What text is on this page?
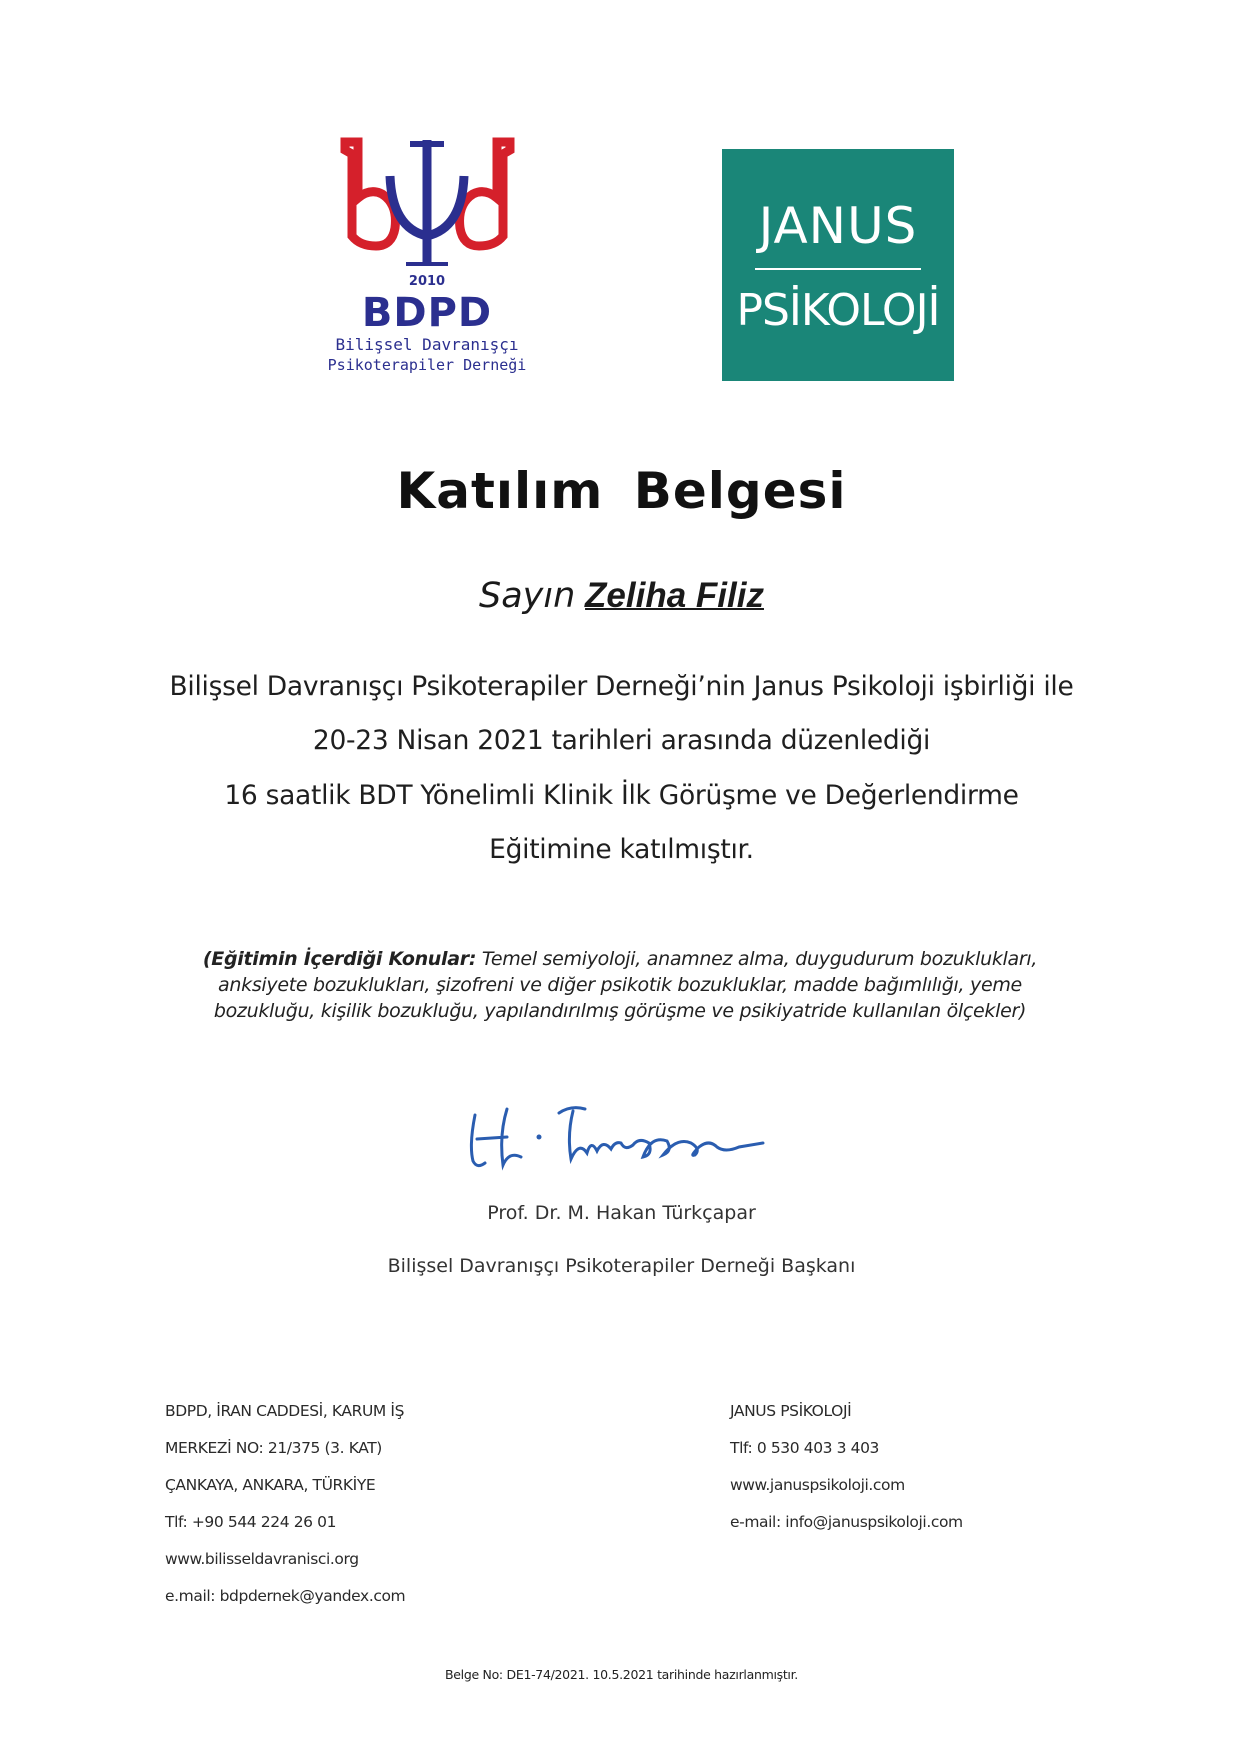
2010
BDPD
Bilişsel Davranışçı
Psikoterapiler Derneği
JANUS
PSİKOLOJİ
Katılım Belgesi
Sayın Zeliha Filiz
Bilişsel Davranışçı Psikoterapiler Derneği’nin Janus Psikoloji işbirliği ile
20-23 Nisan 2021 tarihleri arasında düzenlediği
16 saatlik BDT Yönelimli Klinik İlk Görüşme ve Değerlendirme
Eğitimine katılmıştır.
(Eğitimin İçerdiği Konular: Temel semiyoloji, anamnez alma, duygudurum bozuklukları, anksiyete bozuklukları, şizofreni ve diğer psikotik bozukluklar, madde bağımlılığı, yeme bozukluğu, kişilik bozukluğu, yapılandırılmış görüşme ve psikiyatride kullanılan ölçekler)
Prof. Dr. M. Hakan Türkçapar
Bilişsel Davranışçı Psikoterapiler Derneği Başkanı
BDPD, İRAN CADDESİ, KARUM İŞ
MERKEZİ NO: 21/375 (3. KAT)
ÇANKAYA, ANKARA, TÜRKİYE
Tlf: +90 544 224 26 01
www.bilisseldavranisci.org
e.mail: bdpdernek@yandex.com
JANUS PSİKOLOJİ
Tlf: 0 530 403 3 403
www.januspsikoloji.com
e-mail: info@januspsikoloji.com
Belge No: DE1-74/2021. 10.5.2021 tarihinde hazırlanmıştır.
